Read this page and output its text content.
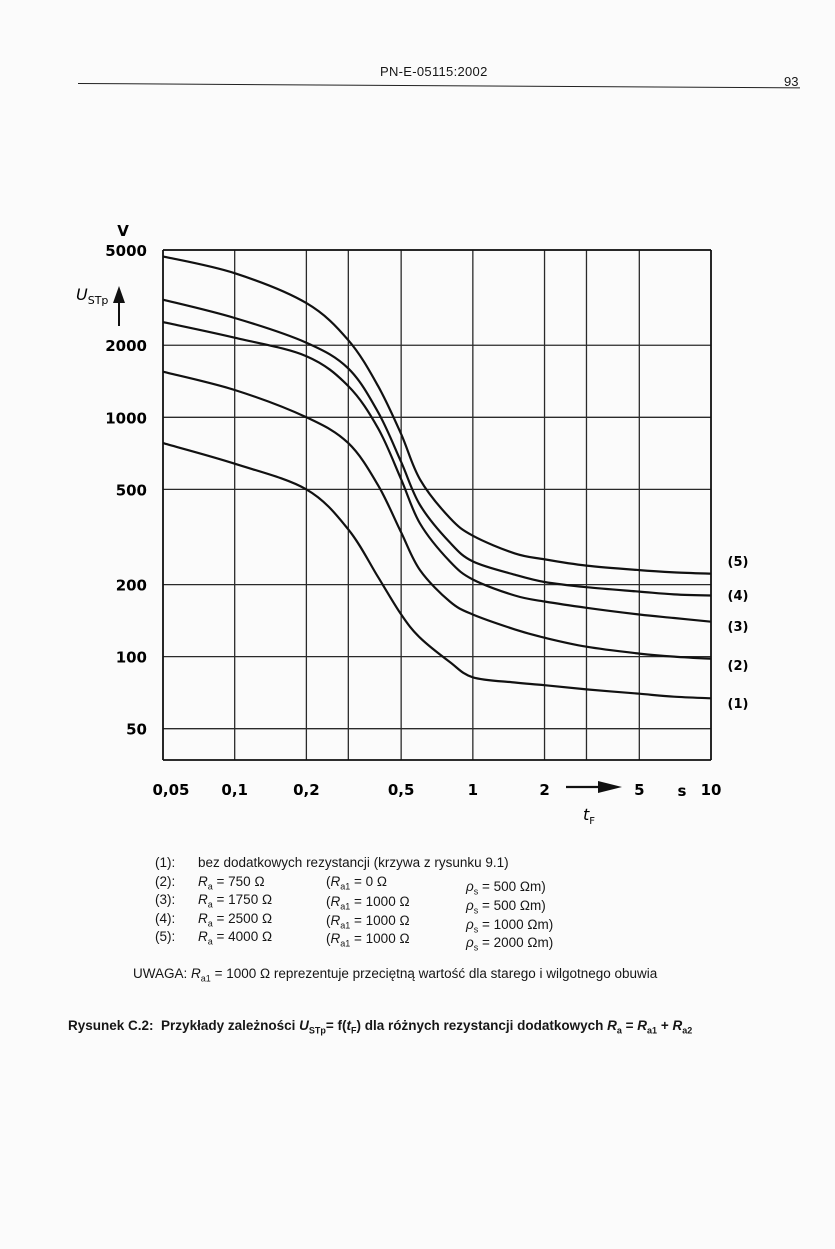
PN-E-05115:2002
93
5000
2000
1000
500
200
100
50
0,05 0,1	0,2	0,5	1	2	5	10
V
$U_{STp}$
s
$t_F$
(1)
(2)
(3)
(4)
(5)
(1): bez dodatkowych rezystancji (krzywa z rysunku 9.1)
(2): $R_a = 750$ Ω	($R_{a1} = 0$ Ω	$\rho_s = 500$ Ωm)
(3): $R_a = 1750$ Ω	($R_{a1} = 1000$ Ω	$\rho_s = 500$ Ωm)
(4): $R_a = 2500$ Ω	($R_{a1} = 1000$ Ω	$\rho_s = 1000$ Ωm)
(5): $R_a = 4000$ Ω	($R_{a1} = 1000$ Ω	$\rho_s = 2000$ Ωm)
UWAGA: $R_{a1} = 1000$ Ω reprezentuje przeciętną wartość dla starego i wilgotnego obuwia
Rysunek C.2: Przykłady zależności $U_{STp}= f(t_F)$ dla różnych rezystancji dodatkowych $R_a = R_{a1} + R_{a2}$
